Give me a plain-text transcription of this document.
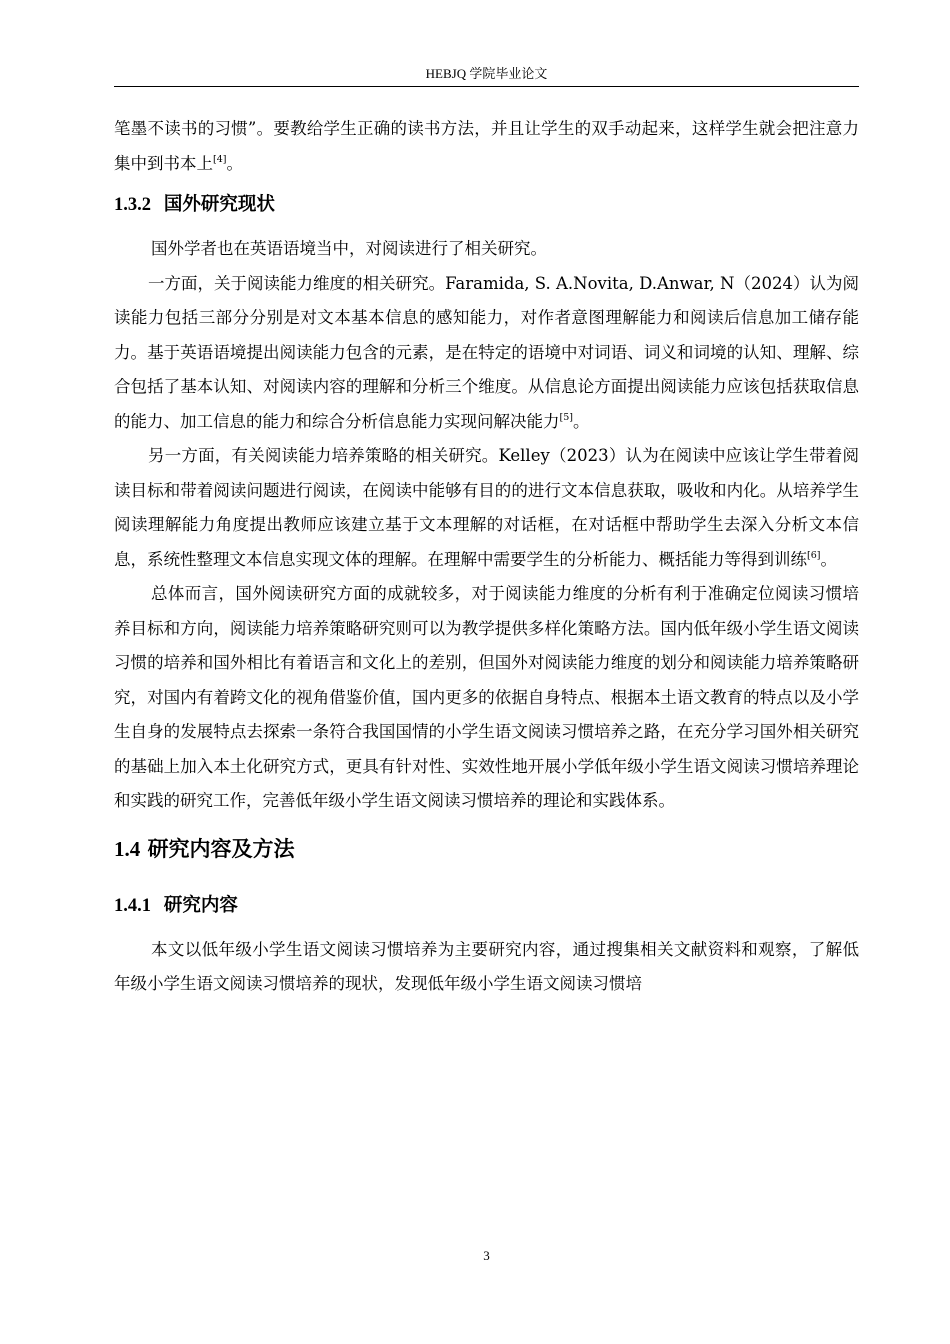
HEBJQ 学院毕业论文

笔墨不读书的习惯”。要教给学生正确的读书方法，并且让学生的双手动起来，这样学生就会把注意力集中到书本上[4]。

1.3.2 国外研究现状

国外学者也在英语语境当中，对阅读进行了相关研究。

一方面，关于阅读能力维度的相关研究。Faramida, S. A.Novita, D.Anwar, N（2024）认为阅读能力包括三部分分别是对文本基本信息的感知能力，对作者意图理解能力和阅读后信息加工储存能力。基于英语语境提出阅读能力包含的元素，是在特定的语境中对词语、词义和词境的认知、理解、综合包括了基本认知、对阅读内容的理解和分析三个维度。从信息论方面提出阅读能力应该包括获取信息的能力、加工信息的能力和综合分析信息能力实现问解决能力[5]。

另一方面，有关阅读能力培养策略的相关研究。Kelley（2023）认为在阅读中应该让学生带着阅读目标和带着阅读问题进行阅读，在阅读中能够有目的的进行文本信息获取，吸收和内化。从培养学生阅读理解能力角度提出教师应该建立基于文本理解的对话框，在对话框中帮助学生去深入分析文本信息，系统性整理文本信息实现文体的理解。在理解中需要学生的分析能力、概括能力等得到训练[6]。

总体而言，国外阅读研究方面的成就较多，对于阅读能力维度的分析有利于准确定位阅读习惯培养目标和方向，阅读能力培养策略研究则可以为教学提供多样化策略方法。国内低年级小学生语文阅读习惯的培养和国外相比有着语言和文化上的差别，但国外对阅读能力维度的划分和阅读能力培养策略研究，对国内有着跨文化的视角借鉴价值，国内更多的依据自身特点、根据本土语文教育的特点以及小学生自身的发展特点去探索一条符合我国国情的小学生语文阅读习惯培养之路，在充分学习国外相关研究的基础上加入本土化研究方式，更具有针对性、实效性地开展小学低年级小学生语文阅读习惯培养理论和实践的研究工作，完善低年级小学生语文阅读习惯培养的理论和实践体系。

1.4 研究内容及方法
1.4.1 研究内容

本文以低年级小学生语文阅读习惯培养为主要研究内容，通过搜集相关文献资料和观察，了解低年级小学生语文阅读习惯培养的现状，发现低年级小学生语文阅读习惯培

3
